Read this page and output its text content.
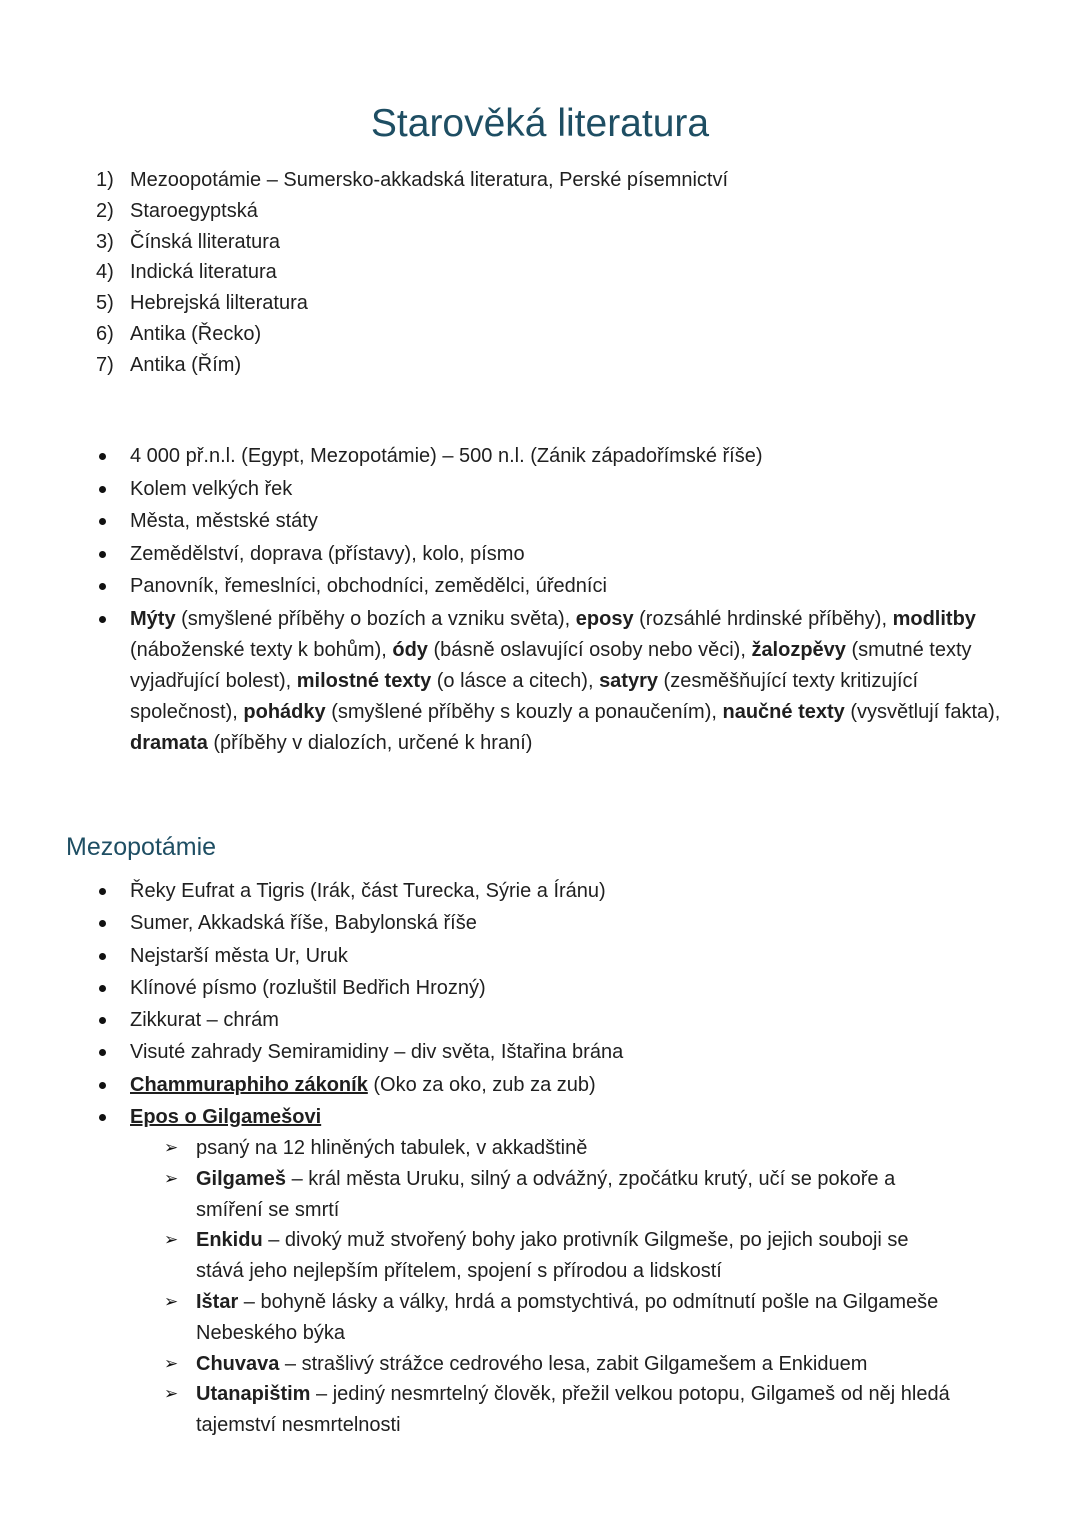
Starověká literatura
1) Mezoopotámie – Sumersko-akkadská literatura, Perské písemnictví
2) Staroegyptská
3) Čínská lliteratura
4) Indická literatura
5) Hebrejská lilteratura
6) Antika (Řecko)
7) Antika (Řím)
4 000 př.n.l. (Egypt, Mezopotámie) – 500 n.l. (Zánik západořímské říše)
Kolem velkých řek
Města, městské státy
Zemědělství, doprava (přístavy), kolo, písmo
Panovník, řemeslníci, obchodníci, zemědělci, úředníci
Mýty (smyšlené příběhy o bozích a vzniku světa), eposy (rozsáhlé hrdinské příběhy), modlitby (náboženské texty k bohům), ódy (básně oslavující osoby nebo věci), žalozpěvy (smutné texty vyjadřující bolest), milostné texty (o lásce a citech), satyry (zesměšňující texty kritizující společnost), pohádky (smyšlené příběhy s kouzly a ponaučením), naučné texty (vysvětlují fakta), dramata (příběhy v dialozích, určené k hraní)
Mezopotámie
Řeky Eufrat a Tigris (Irák, část Turecka, Sýrie a Íránu)
Sumer, Akkadská říše, Babylonská říše
Nejstarší města Ur, Uruk
Klínové písmo (rozluštil Bedřich Hrozný)
Zikkurat – chrám
Visuté zahrady Semiramidiny – div světa, Ištařina brána
Chammuraphiho zákoník (Oko za oko, zub za zub)
Epos o Gilgamešovi
➢ psaný na 12 hliněných tabulek, v akkadštině
➢ Gilgameš – král města Uruku, silný a odvážný, zpočátku krutý, učí se pokoře a smíření se smrtí
➢ Enkidu – divoký muž stvořený bohy jako protivník Gilgmeše, po jejich souboji se stává jeho nejlepším přítelem, spojení s přírodou a lidskostí
➢ Ištar – bohyně lásky a války, hrdá a pomstychtivá, po odmítnutí pošle na Gilgameše Nebeského býka
➢ Chuvava – strašlivý strážce cedrového lesa, zabit Gilgamešem a Enkiduem
➢ Utanapištim – jediný nesmrtelný člověk, přežil velkou potopu, Gilgameš od něj hledá tajemství nesmrtelnosti
